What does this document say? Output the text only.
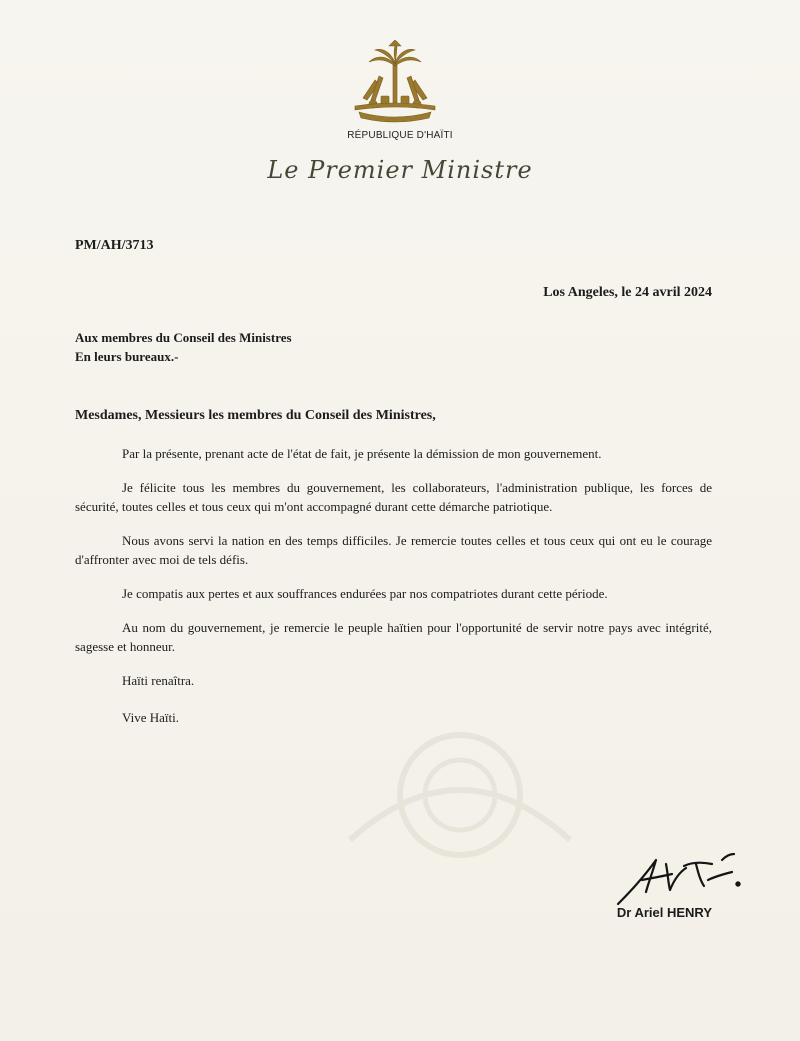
RÉPUBLIQUE D'HAÏTI
Le Premier Ministre
PM/AH/3713
Los Angeles, le 24 avril 2024
Aux membres du Conseil des Ministres
En leurs bureaux.-
Mesdames, Messieurs les membres du Conseil des Ministres,

Par la présente, prenant acte de l'état de fait, je présente la démission de mon gouvernement.

Je félicite tous les membres du gouvernement, les collaborateurs, l'administration publique, les forces de sécurité, toutes celles et tous ceux qui m'ont accompagné durant cette démarche patriotique.

Nous avons servi la nation en des temps difficiles. Je remercie toutes celles et tous ceux qui ont eu le courage d'affronter avec moi de tels défis.

Je compatis aux pertes et aux souffrances endurées par nos compatriotes durant cette période.

Au nom du gouvernement, je remercie le peuple haïtien pour l'opportunité de servir notre pays avec intégrité, sagesse et honneur.

Haïti renaîtra.

Vive Haïti.

Dr Ariel HENRY
